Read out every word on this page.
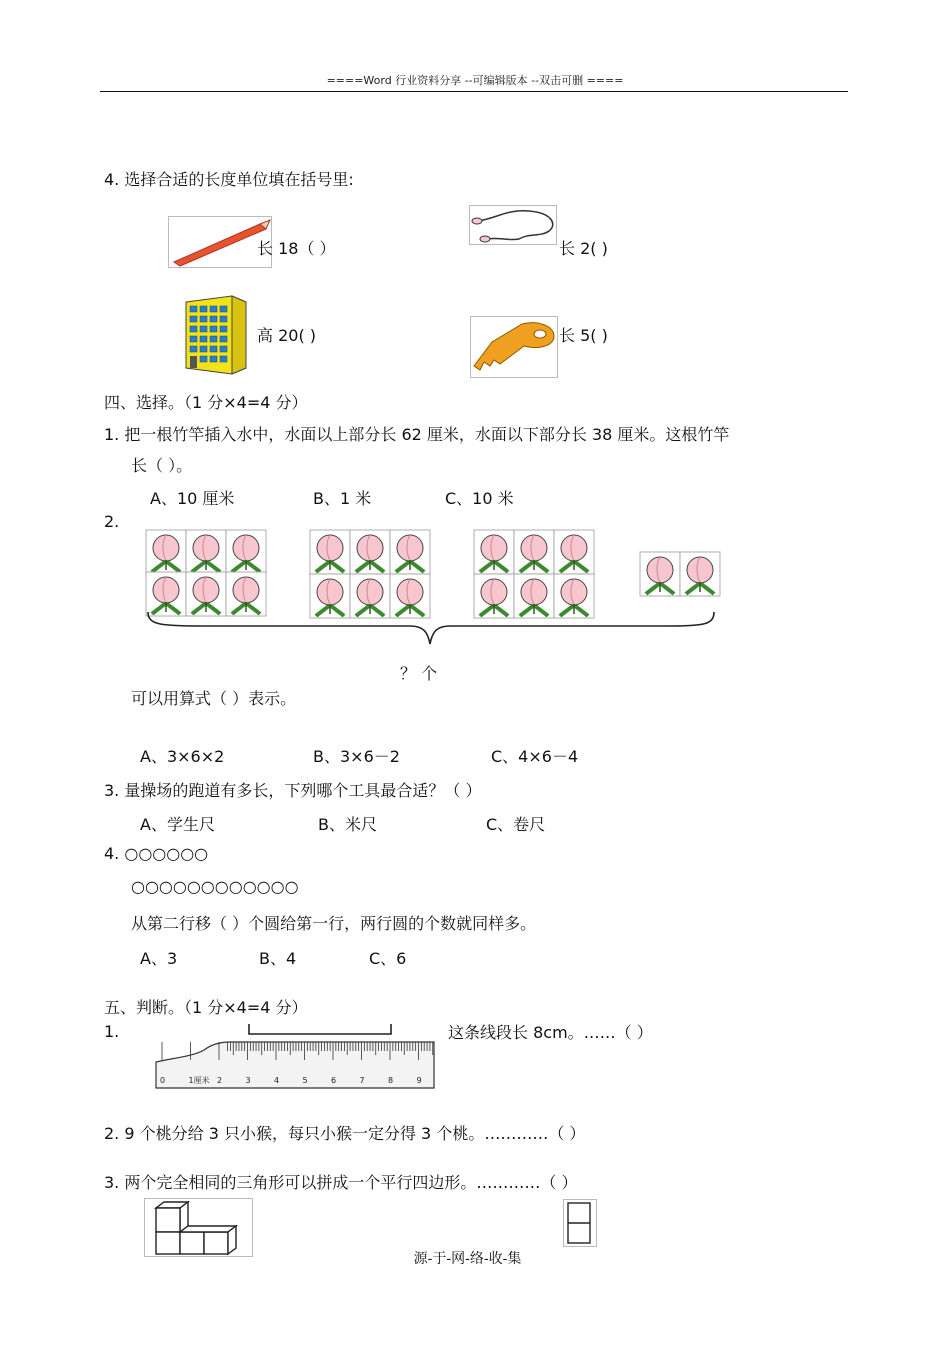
====Word 行业资料分享 --可编辑版本 --双击可删 ====
4. 选择合适的长度单位填在括号里:
长 18（ ）	长 2( )
高 20( )	长 5( )
四、选择。（1 分×4=4 分）
1. 把一根竹竿插入水中，水面以上部分长 62 厘米，水面以下部分长 38 厘米。这根竹竿
长（ ）。
A、10 厘米	B、1 米	C、10 米
2.
？ 个
可以用算式（ ）表示。
A、3×6×2	B、3×6－2	C、4×6－4
3. 量操场的跑道有多长，下列哪个工具最合适？（ ）
A、学生尺	B、米尺	C、卷尺
4. ○○○○○○
○○○○○○○○○○○○
从第二行移（ ）个圆给第一行，两行圆的个数就同样多。
A、3	B、4	C、6
五、判断。（1 分×4=4 分）
1.
0	1厘米 2	3	4	5	6	7	8	9
这条线段长 8cm。……（ ）
2. 9 个桃分给 3 只小猴，每只小猴一定分得 3 个桃。…………（ ）
3. 两个完全相同的三角形可以拼成一个平行四边形。…………（ ）
源-于-网-络-收-集
